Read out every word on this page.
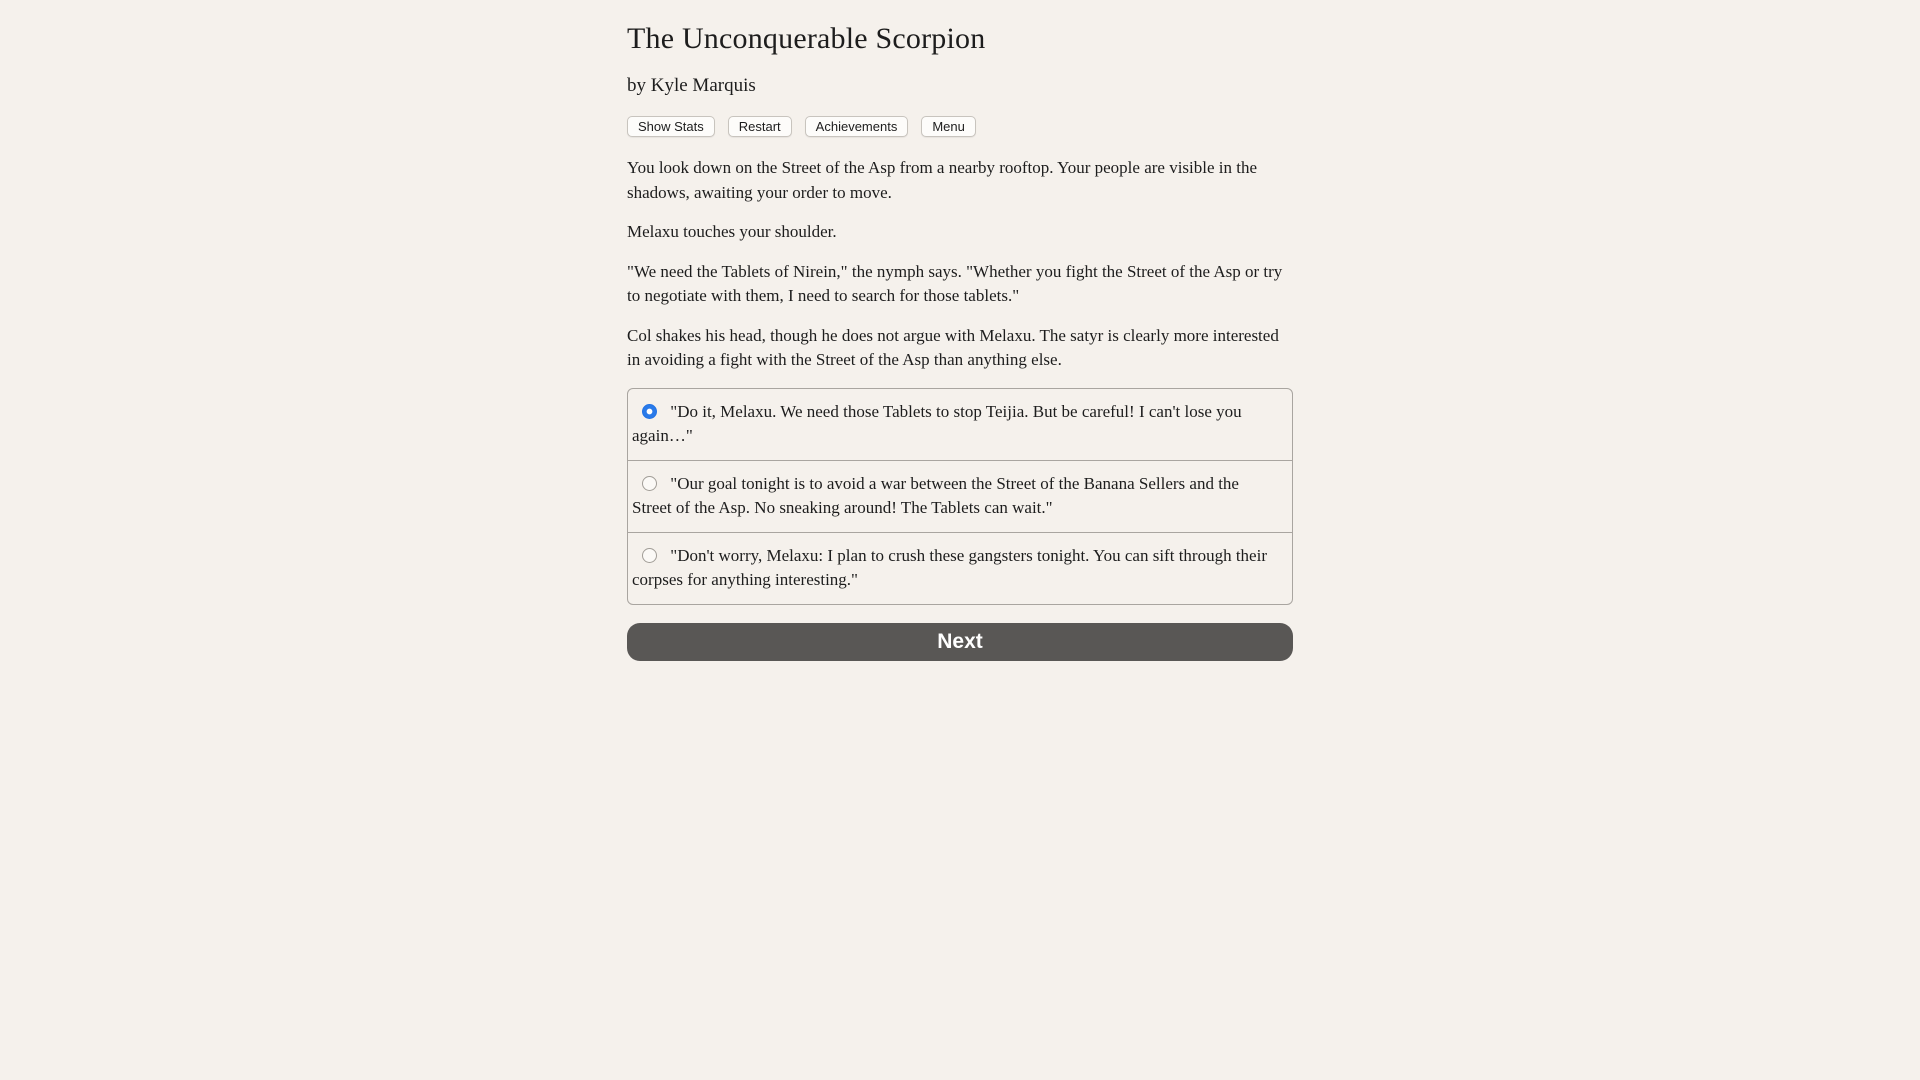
The Unconquerable Scorpion
by Kyle Marquis
Show Stats	Restart	Achievements	Menu

You look down on the Street of the Asp from a nearby rooftop. Your people are visible in the shadows, awaiting your order to move.

Melaxu touches your shoulder.

"We need the Tablets of Nirein," the nymph says. "Whether you fight the Street of the Asp or try to negotiate with them, I need to search for those tablets."

Col shakes his head, though he does not argue with Melaxu. The satyr is clearly more interested in avoiding a fight with the Street of the Asp than anything else.

"Do it, Melaxu. We need those Tablets to stop Teijia. But be careful! I can't lose you again…"
"Our goal tonight is to avoid a war between the Street of the Banana Sellers and the Street of the Asp. No sneaking around! The Tablets can wait."
"Don't worry, Melaxu: I plan to crush these gangsters tonight. You can sift through their corpses for anything interesting."
Next
